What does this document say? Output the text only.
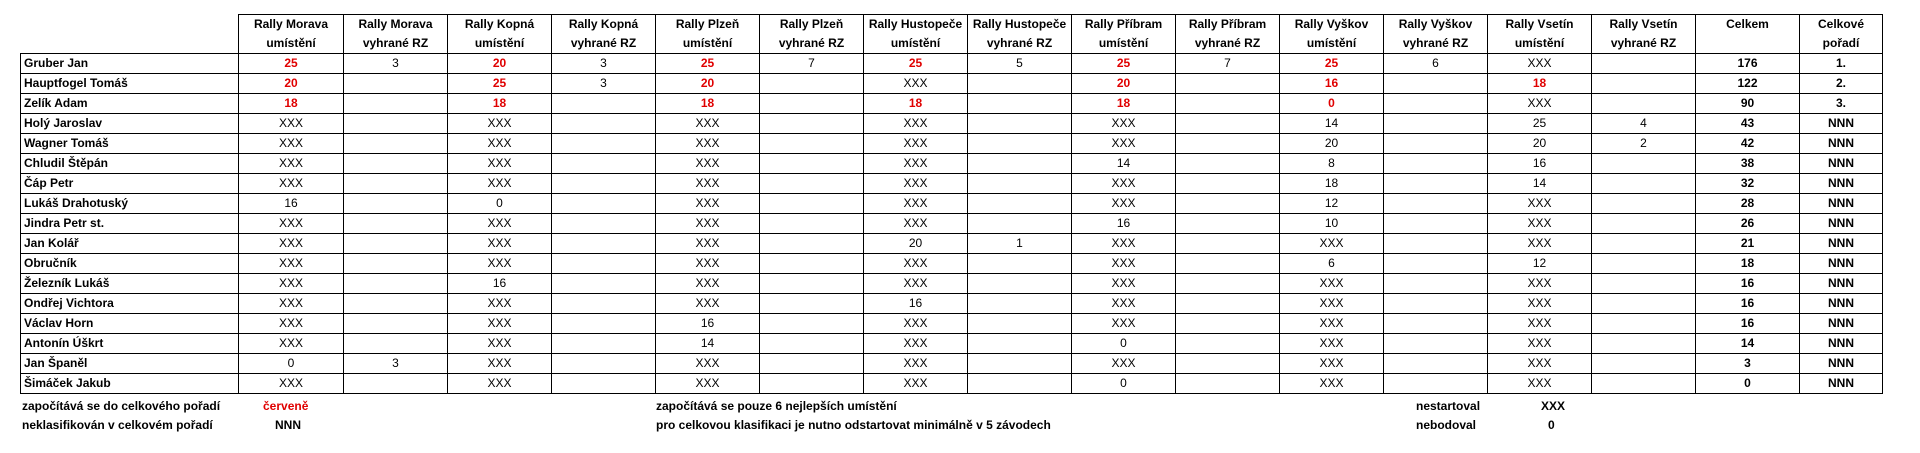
	Rally Morava	Rally Morava	Rally Kopná	Rally Kopná	Rally Plzeň	Rally Plzeň	Rally Hustopeče	Rally Hustopeče	Rally Příbram	Rally Příbram	Rally Vyškov	Rally Vyškov	Rally Vsetín	Rally Vsetín	Celkem	Celkové
	umístění	vyhrané RZ	umístění	vyhrané RZ	umístění	vyhrané RZ	umístění	vyhrané RZ	umístění	vyhrané RZ	umístění	vyhrané RZ	umístění	vyhrané RZ		pořadí
Gruber Jan	25	3	20	3	25	7	25	5	25	7	25	6	XXX		176	1.
Hauptfogel Tomáš	20		25	3	20		XXX		20		16		18		122	2.
Zelík Adam	18		18		18		18		18		0		XXX		90	3.
Holý Jaroslav	XXX		XXX		XXX		XXX		XXX		14		25	4	43	NNN
Wagner Tomáš	XXX		XXX		XXX		XXX		XXX		20		20	2	42	NNN
Chludil Štěpán	XXX		XXX		XXX		XXX		14		8		16		38	NNN
Čáp Petr	XXX		XXX		XXX		XXX		XXX		18		14		32	NNN
Lukáš Drahotuský	16		0		XXX		XXX		XXX		12		XXX		28	NNN
Jindra Petr st.	XXX		XXX		XXX		XXX		16		10		XXX		26	NNN
Jan Kolář	XXX		XXX		XXX		20	1	XXX		XXX		XXX		21	NNN
Obručník	XXX		XXX		XXX		XXX		XXX		6		12		18	NNN
Železník Lukáš	XXX		16		XXX		XXX		XXX		XXX		XXX		16	NNN
Ondřej Vichtora	XXX		XXX		XXX		16		XXX		XXX		XXX		16	NNN
Václav Horn	XXX		XXX		16		XXX		XXX		XXX		XXX		16	NNN
Antonín Úškrt	XXX		XXX		14		XXX		0		XXX		XXX		14	NNN
Jan Španěl	0	3	XXX		XXX		XXX		XXX		XXX		XXX		3	NNN
Šimáček Jakub	XXX		XXX		XXX		XXX		0		XXX		XXX		0	NNN
započítává se do celkového pořadí	červeně
neklasifikován v celkovém pořadí	NNN
započítává se pouze 6 nejlepších umístění
pro celkovou klasifikaci je nutno odstartovat minimálně v 5 závodech
nestartoval	XXX
nebodoval	0
